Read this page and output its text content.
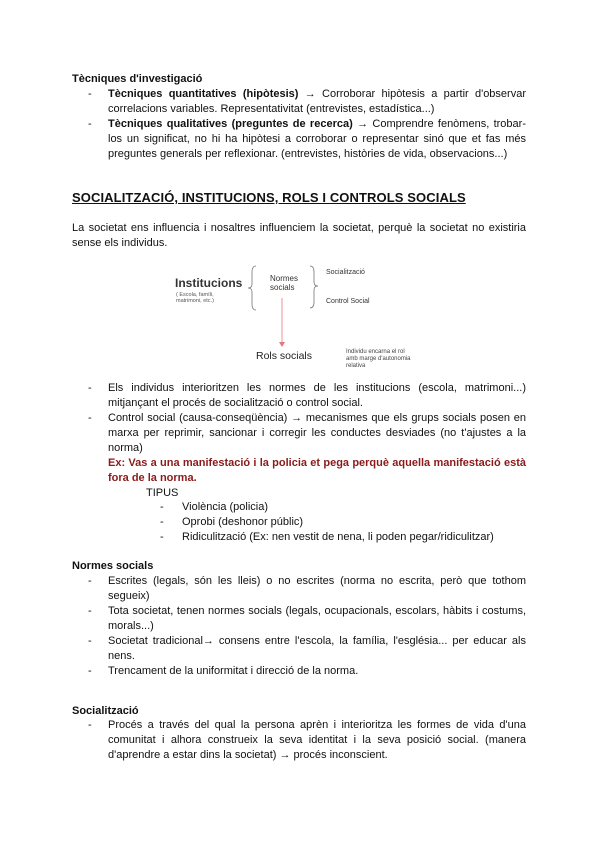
Tècniques d'investigació
- Tècniques quantitatives (hipòtesis) → Corroborar hipòtesis a partir d'observar correlacions variables. Representativitat (entrevistes, estadística...)
- Tècniques qualitatives (preguntes de recerca) → Comprendre fenòmens, trobar-los un significat, no hi ha hipòtesi a corroborar o representar sinó que et fas més preguntes generals per reflexionar. (entrevistes, històries de vida, observacions...)
SOCIALITZACIÓ, INSTITUCIONS, ROLS I CONTROLS SOCIALS
La societat ens influencia i nosaltres influenciem la societat, perquè la societat no existiria sense els individus.
Institucions
( Escola, famíli, matrimoni, etc.)
Normes socials
Socialització
Control Social
Rols socials	Individu encarna el rol amb marge d'autonomia relativa
- Els individus interioritzen les normes de les institucions (escola, matrimoni...) mitjançant el procés de socialització o control social.
- Control social (causa-conseqüència) → mecanismes que els grups socials posen en marxa per reprimir, sancionar i corregir les conductes desviades (no t'ajustes a la norma)
Ex: Vas a una manifestació i la policia et pega perquè aquella manifestació està fora de la norma.
TIPUS
- Violència (policia)
- Oprobi (deshonor públic)
- Ridiculització (Ex: nen vestit de nena, li poden pegar/ridiculitzar)
Normes socials
- Escrites (legals, són les lleis) o no escrites (norma no escrita, però que tothom segueix)
- Tota societat, tenen normes socials (legals, ocupacionals, escolars, hàbits i costums, morals...)
- Societat tradicional→ consens entre l'escola, la família, l'església... per educar als nens.
- Trencament de la uniformitat i direcció de la norma.
Socialització
- Procés a través del qual la persona aprèn i interioritza les formes de vida d'una comunitat i alhora construeix la seva identitat i la seva posició social. (manera d'aprendre a estar dins la societat) → procés inconscient.
